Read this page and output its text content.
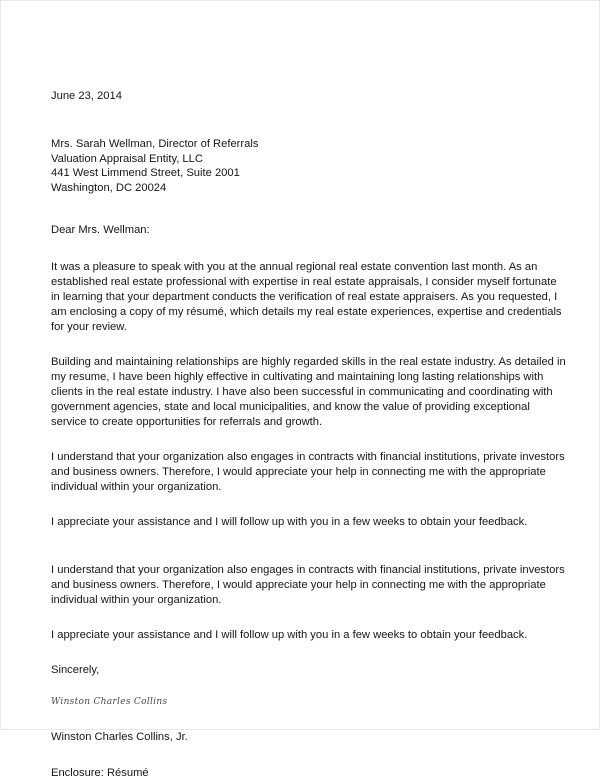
June 23, 2014

Mrs. Sarah Wellman, Director of Referrals

Valuation Appraisal Entity, LLC

441 West Limmend Street, Suite 2001

Washington, DC 20024

Dear Mrs. Wellman:

It was a pleasure to speak with you at the annual regional real estate convention last month. As an established real estate professional with expertise in real estate appraisals, I consider myself fortunate in learning that your department conducts the verification of real estate appraisers. As you requested, I am enclosing a copy of my résumé, which details my real estate experiences, expertise and credentials for your review.

Building and maintaining relationships are highly regarded skills in the real estate industry. As detailed in my resume, I have been highly effective in cultivating and maintaining long lasting relationships with clients in the real estate industry. I have also been successful in communicating and coordinating with government agencies, state and local municipalities, and know the value of providing exceptional service to create opportunities for referrals and growth.

I understand that your organization also engages in contracts with financial institutions, private investors and business owners. Therefore, I would appreciate your help in connecting me with the appropriate individual within your organization.

I appreciate your assistance and I will follow up with you in a few weeks to obtain your feedback.

I understand that your organization also engages in contracts with financial institutions, private investors and business owners. Therefore, I would appreciate your help in connecting me with the appropriate individual within your organization.

I appreciate your assistance and I will follow up with you in a few weeks to obtain your feedback.

Sincerely,

Winston Charles Collins

Winston Charles Collins, Jr.

Enclosure: Résumé
